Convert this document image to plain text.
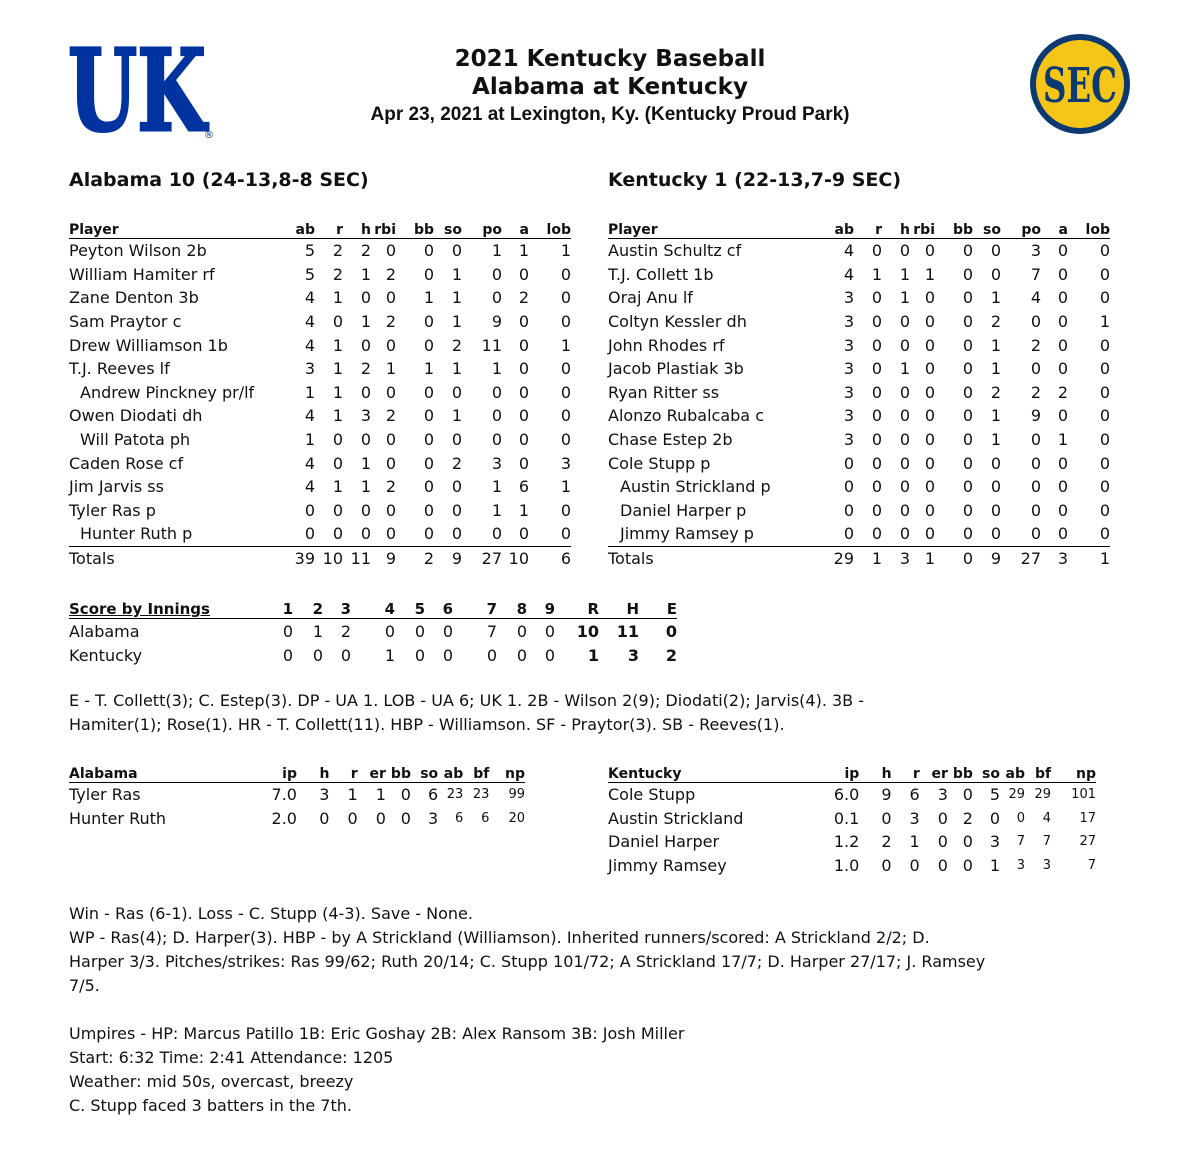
UK
®
SEC
2021 Kentucky Baseball
Alabama at Kentucky
Apr 23, 2021 at Lexington, Ky. (Kentucky Proud Park)
Alabama 10 (24-13,8-8 SEC)	Kentucky 1 (22-13,7-9 SEC)
Player	ab	r	h	rbi	bb	so	po	a	lob
Peyton Wilson 2b	5	2	2	0	0	0	1	1	1
William Hamiter rf	5	2	1	2	0	1	0	0	0
Zane Denton 3b	4	1	0	0	1	1	0	2	0
Sam Praytor c	4	0	1	2	0	1	9	0	0
Drew Williamson 1b	4	1	0	0	0	2	11	0	1
T.J. Reeves lf	3	1	2	1	1	1	1	0	0
Andrew Pinckney pr/lf	1	1	0	0	0	0	0	0	0
Owen Diodati dh	4	1	3	2	0	1	0	0	0
Will Patota ph	1	0	0	0	0	0	0	0	0
Caden Rose cf	4	0	1	0	0	2	3	0	3
Jim Jarvis ss	4	1	1	2	0	0	1	6	1
Tyler Ras p	0	0	0	0	0	0	1	1	0
Hunter Ruth p	0	0	0	0	0	0	0	0	0
Totals	39	10	11	9	2	9	27	10	6
Player	ab	r	h	rbi	bb	so	po	a	lob
Austin Schultz cf	4	0	0	0	0	0	3	0	0
T.J. Collett 1b	4	1	1	1	0	0	7	0	0
Oraj Anu lf	3	0	1	0	0	1	4	0	0
Coltyn Kessler dh	3	0	0	0	0	2	0	0	1
John Rhodes rf	3	0	0	0	0	1	2	0	0
Jacob Plastiak 3b	3	0	1	0	0	1	0	0	0
Ryan Ritter ss	3	0	0	0	0	2	2	2	0
Alonzo Rubalcaba c	3	0	0	0	0	1	9	0	0
Chase Estep 2b	3	0	0	0	0	1	0	1	0
Cole Stupp p	0	0	0	0	0	0	0	0	0
Austin Strickland p	0	0	0	0	0	0	0	0	0
Daniel Harper p	0	0	0	0	0	0	0	0	0
Jimmy Ramsey p	0	0	0	0	0	0	0	0	0
Totals	29	1	3	1	0	9	27	3	1
Score by Innings	1	2	3	4	5	6	7	8	9	R	H	E
Alabama	0	1	2	0	0	0	7	0	0	10	11	0
Kentucky	0	0	0	1	0	0	0	0	0	1	3	2
E - T. Collett(3); C. Estep(3). DP - UA 1. LOB - UA 6; UK 1. 2B - Wilson 2(9); Diodati(2); Jarvis(4). 3B -
Hamiter(1); Rose(1). HR - T. Collett(11). HBP - Williamson. SF - Praytor(3). SB - Reeves(1).
Alabama	ip	h	r	er	bb	so	ab	bf	np
Tyler Ras	7.0	3	1	1	0	6	23	23	99
Hunter Ruth	2.0	0	0	0	0	3	6	6	20
Kentucky	ip	h	r	er	bb	so	ab	bf	np
Cole Stupp	6.0	9	6	3	0	5	29	29	101
Austin Strickland	0.1	0	3	0	2	0	0	4	17
Daniel Harper	1.2	2	1	0	0	3	7	7	27
Jimmy Ramsey	1.0	0	0	0	0	1	3	3	7
Win - Ras (6-1). Loss - C. Stupp (4-3). Save - None.
WP - Ras(4); D. Harper(3). HBP - by A Strickland (Williamson). Inherited runners/scored: A Strickland 2/2; D.
Harper 3/3. Pitches/strikes: Ras 99/62; Ruth 20/14; C. Stupp 101/72; A Strickland 17/7; D. Harper 27/17; J. Ramsey
7/5.
Umpires - HP: Marcus Patillo 1B: Eric Goshay 2B: Alex Ransom 3B: Josh Miller
Start: 6:32 Time: 2:41 Attendance: 1205
Weather: mid 50s, overcast, breezy
C. Stupp faced 3 batters in the 7th.
